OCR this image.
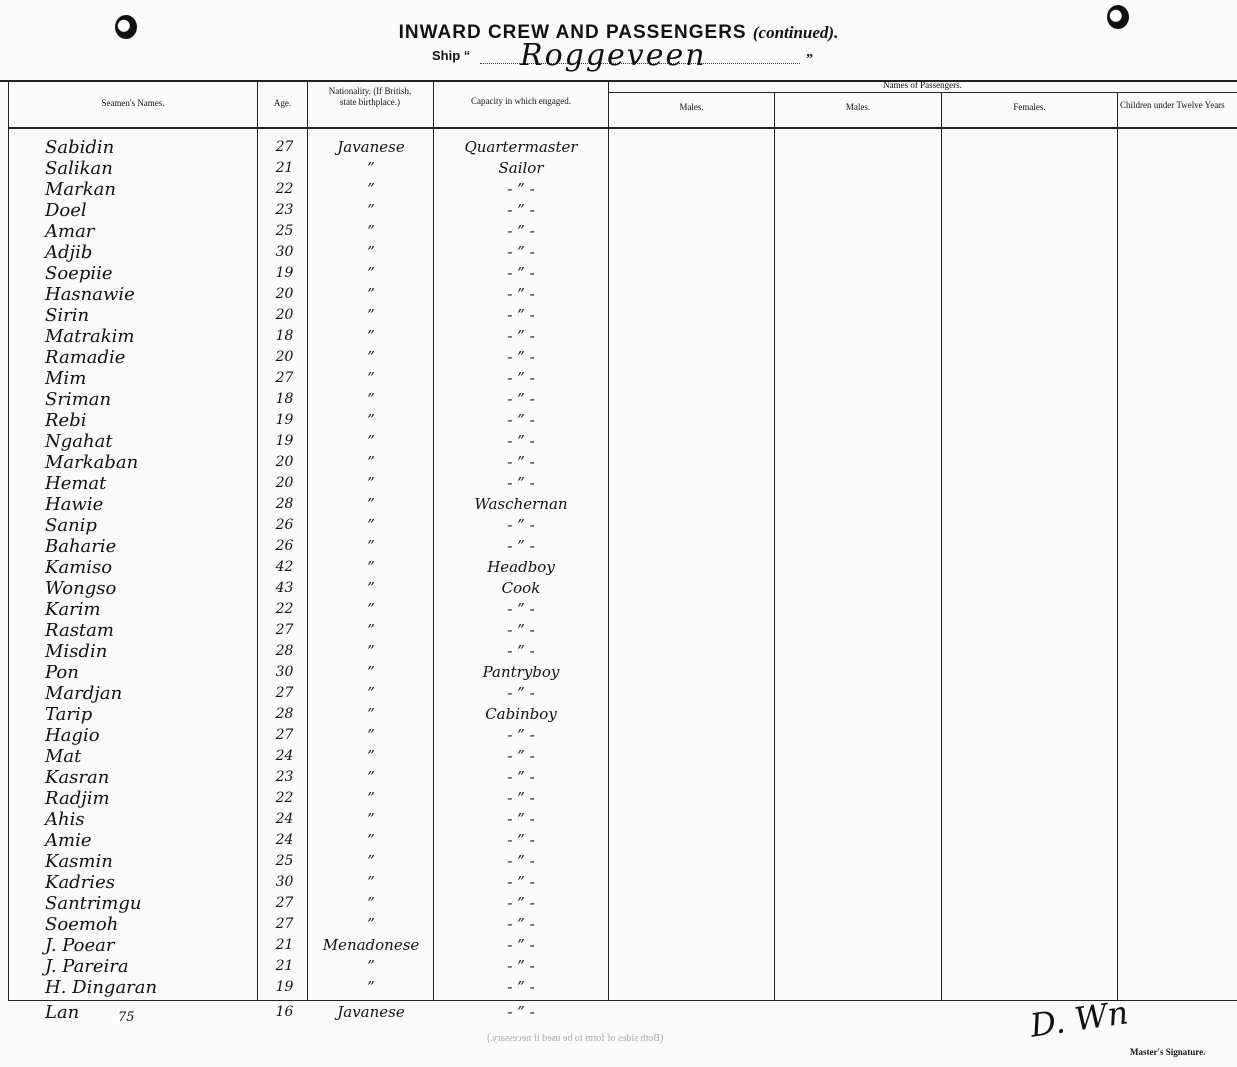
INWARD CREW AND PASSENGERS (continued).
Ship “ Roggeveen	”
Seamen's Names.	Age.
Nationality. (If British, state birthplace.)	Capacity in which engaged.
Names of Passengers.
Males.	Males.	Females.	Children under Twelve Years
Sabidin	27	Javanese	Quartermaster
Salikan	21	”	Sailor
Markan	22	”	- ” -
Doel	23	”	- ” -
Amar	25	”	- ” -
Adjib	30	”	- ” -
Soepiie	19	”	- ” -
Hasnawie	20	”	- ” -
Sirin	20	”	- ” -
Matrakim	18	”	- ” -
Ramadie	20	”	- ” -
Mim	27	”	- ” -
Sriman	18	”	- ” -
Rebi	19	”	- ” -
Ngahat	19	”	- ” -
Markaban	20	”	- ” -
Hemat	20	”	- ” -
Hawie	28	”	Waschernan
Sanip	26	”	- ” -
Baharie	26	”	- ” -
Kamiso	42	”	Headboy
Wongso	43	”	Cook
Karim	22	”	- ” -
Rastam	27	”	- ” -
Misdin	28	”	- ” -
Pon	30	”	Pantryboy
Mardjan	27	”	- ” -
Tarip	28	”	Cabinboy
Hagio	27	”	- ” -
Mat	24	”	- ” -
Kasran	23	”	- ” -
Radjim	22	”	- ” -
Ahis	24	”	- ” -
Amie	24	”	- ” -
Kasmin	25	”	- ” -
Kadries	30	”	- ” -
Santrimgu	27	”	- ” -
Soemoh	27	”	- ” -
J. Poear	21	Menadonese	- ” -
J. Pareira	21	”	- ” -
H. Dingaran	19	”	- ” -
Lan	16	Javanese	- ” -
75
(Both sides of form to be used if necessary.)	D. Wn
Master's Signature.
